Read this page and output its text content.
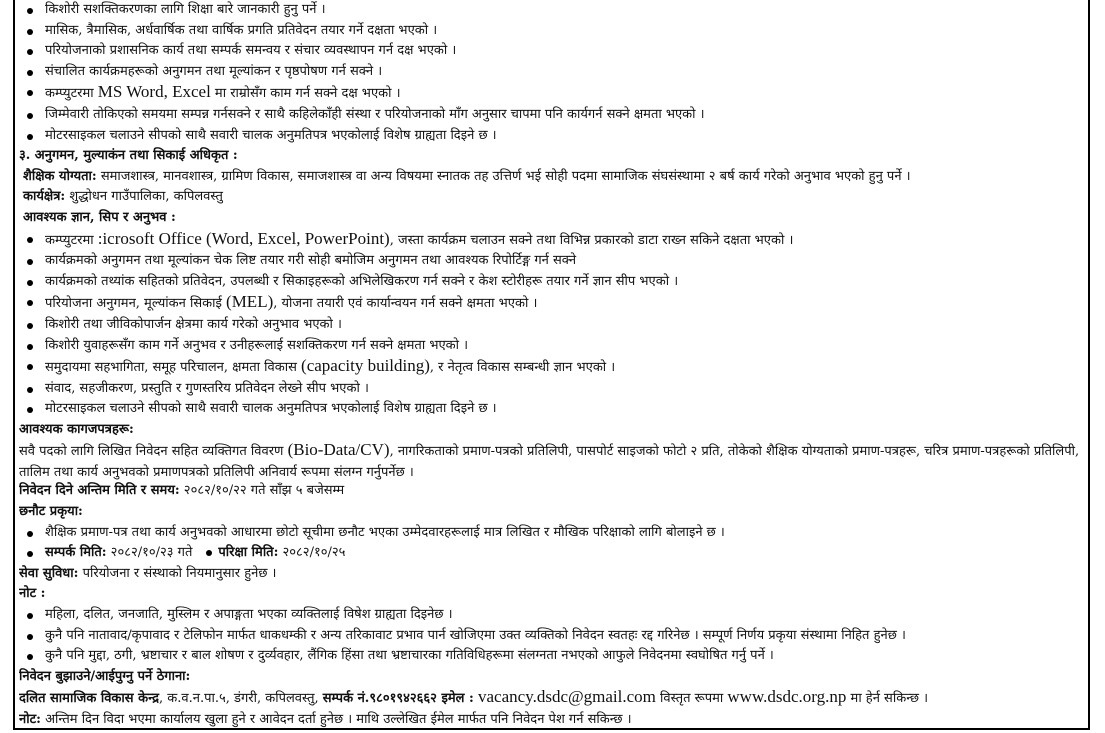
किशोरी सशक्तिकरणका लागि शिक्षा बारे जानकारी हुनु पर्ने ।
मासिक, त्रैमासिक, अर्धवार्षिक तथा वार्षिक प्रगति प्रतिवेदन तयार गर्ने दक्षता भएको ।
परियोजनाको प्रशासनिक कार्य तथा सम्पर्क समन्वय र संचार व्यवस्थापन गर्न दक्ष भएको ।
संचालित कार्यक्रमहरूको अनुगमन तथा मूल्यांकन र पृष्ठपोषण गर्न सक्ने ।
कम्प्युटरमा MS Word, Excel मा राम्रोसँग काम गर्न सक्ने दक्ष भएको ।
जिम्मेवारी तोकिएको समयमा सम्पन्न गर्नसक्ने र साथै कहिलेकाँही संस्था र परियोजनाको माँग अनुसार चापमा पनि कार्यगर्न सक्ने क्षमता भएको ।
मोटरसाइकल चलाउने सीपको साथै सवारी चालक अनुमतिपत्र भएकोलाई विशेष ग्राह्यता दिइने छ ।
३. अनुगमन, मुल्याकंन तथा सिकाई अधिकृत :
शैक्षिक योग्यता: समाजशास्त्र, मानवशास्त्र, ग्रामिण विकास, समाजशास्त्र वा अन्य विषयमा स्नातक तह उत्तिर्ण भई सोही पदमा सामाजिक संघसंस्थामा २ बर्ष कार्य गरेको अनुभाव भएको हुनु पर्ने ।
कार्यक्षेत्र: शुद्धोधन गाउँपालिका, कपिलवस्तु
आवश्यक ज्ञान, सिप र अनुभव :
कम्प्युटरमा :icrosoft Office (Word, Excel, PowerPoint), जस्ता कार्यक्रम चलाउन सक्ने तथा विभिन्न प्रकारको डाटा राख्न सकिने दक्षता भएको ।
कार्यक्रमको अनुगमन तथा मूल्यांकन चेक लिष्ट तयार गरी सोही बमोजिम अनुगमन तथा आवश्यक रिपोर्टिङ्ग गर्न सक्ने
कार्यक्रमको तथ्यांक सहितको प्रतिवेदन, उपलब्धी र सिकाइहरूको अभिलेखिकरण गर्न सक्ने र केश स्टोरीहरू तयार गर्ने ज्ञान सीप भएको ।
परियोजना अनुगमन, मूल्यांकन सिकाई (MEL), योजना तयारी एवं कार्यान्वयन गर्न सक्ने क्षमता भएको ।
किशोरी तथा जीविकोपार्जन क्षेत्रमा कार्य गरेको अनुभाव भएको ।
किशोरी युवाहरूसँग काम गर्ने अनुभव र उनीहरूलाई सशक्तिकरण गर्न सक्ने क्षमता भएको ।
समुदायमा सहभागिता, समूह परिचालन, क्षमता विकास (capacity building), र नेतृत्व विकास सम्बन्धी ज्ञान भएको ।
संवाद, सहजीकरण, प्रस्तुति र गुणस्तरिय प्रतिवेदन लेख्ने सीप भएको ।
मोटरसाइकल चलाउने सीपको साथै सवारी चालक अनुमतिपत्र भएकोलाई विशेष ग्राह्यता दिइने छ ।
आवश्यक कागजपत्रहरू:
सवै पदको लागि लिखित निवेदन सहित व्यक्तिगत विवरण (Bio-Data/CV), नागरिकताको प्रमाण-पत्रको प्रतिलिपी, पासपोर्ट साइजको फोटो २ प्रति, तोकेको शैक्षिक योग्यताको प्रमाण-पत्रहरू, चरित्र प्रमाण-पत्रहरूको प्रतिलिपी, तालिम तथा कार्य अनुभवको प्रमाणपत्रको प्रतिलिपी अनिवार्य रूपमा संलग्न गर्नुपर्नेछ ।
निवेदन दिने अन्तिम मिति र समय: २०८२/१०/२२ गते साँझ ५ बजेसम्म
छनौट प्रकृया:
शैक्षिक प्रमाण-पत्र तथा कार्य अनुभवको आधारमा छोटो सूचीमा छनौट भएका उम्मेदवारहरूलाई मात्र लिखित र मौखिक परिक्षाको लागि बोलाइने छ ।
सम्पर्क मिति: २०८२/१०/२३ गते परिक्षा मिति: २०८२/१०/२५
सेवा सुविधा: परियोजना र संस्थाको नियमानुसार हुनेछ ।
नोट :
महिला, दलित, जनजाति, मुस्लिम र अपाङ्गता भएका व्यक्तिलाई विषेश ग्राह्यता दिइनेछ ।
कुनै पनि नातावाद/कृपावाद र टेलिफोन मार्फत धाकधम्की र अन्य तरिकावाट प्रभाव पार्न खोजिएमा उक्त व्यक्तिको निवेदन स्वतहः रद्द गरिनेछ । सम्पूर्ण निर्णय प्रकृया संस्थामा निहित हुनेछ ।
कुनै पनि मुद्दा, ठगी, भ्रष्टाचार र बाल शोषण र दुर्व्यवहार, लैंगिक हिंसा तथा भ्रष्टाचारका गतिविधिहरूमा संलग्नता नभएको आफुले निवेदनमा स्वघोषित गर्नु पर्ने ।
निवेदन बुझाउने/आईपुग्नु पर्ने ठेगाना:
दलित सामाजिक विकास केन्द्र, क.व.न.पा.५, डंगरी, कपिलवस्तु, सम्पर्क नं.९८०१९४२६६२ इमेल : vacancy.dsdc@gmail.com विस्तृत रूपमा www.dsdc.org.np मा हेर्न सकिन्छ ।
नोट: अन्तिम दिन विदा भएमा कार्यालय खुला हुने र आवेदन दर्ता हुनेछ । माथि उल्लेखित ईमेल मार्फत पनि निवेदन पेश गर्न सकिन्छ ।
